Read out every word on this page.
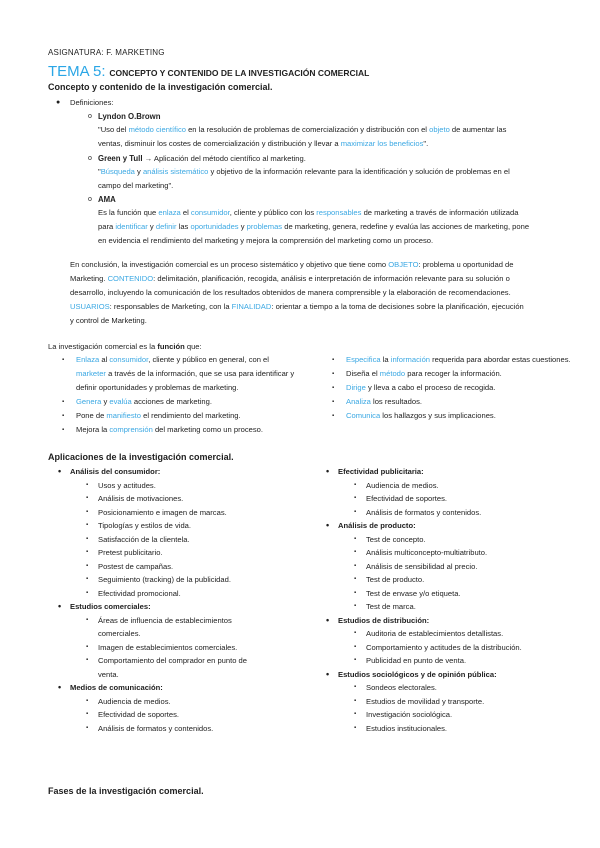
ASIGNATURA: F. MARKETING
TEMA 5: CONCEPTO Y CONTENIDO DE LA INVESTIGACIÓN COMERCIAL
Concepto y contenido de la investigación comercial.
● Definiciones:
o Lyndon O.Brown
"Uso del método científico en la resolución de problemas de comercialización y distribución con el objeto de aumentar las
ventas, disminuir los costes de comercialización y distribución y llevar a maximizar los beneficios".
o Green y Tull → Aplicación del método científico al marketing.
"Búsqueda y análisis sistemático y objetivo de la información relevante para la identificación y solución de problemas en el
campo del marketing".
o AMA
Es la función que enlaza el consumidor, cliente y público con los responsables de marketing a través de información utilizada
para identificar y definir las oportunidades y problemas de marketing, genera, redefine y evalúa las acciones de marketing, pone
en evidencia el rendimiento del marketing y mejora la comprensión del marketing como un proceso.
En conclusión, la investigación comercial es un proceso sistemático y objetivo que tiene como OBJETO: problema u oportunidad de
Marketing. CONTENIDO: delimitación, planificación, recogida, análisis e interpretación de información relevante para su solución o
desarrollo, incluyendo la comunicación de los resultados obtenidos de manera comprensible y la elaboración de recomendaciones.
USUARIOS: responsables de Marketing, con la FINALIDAD: orientar a tiempo a la toma de decisiones sobre la planificación, ejecución
y control de Marketing.
La investigación comercial es la función que:
▪ Enlaza al consumidor, cliente y público en general, con el
marketer a través de la información, que se usa para identificar y
definir oportunidades y problemas de marketing.
▪ Genera y evalúa acciones de marketing.
▪ Pone de manifiesto el rendimiento del marketing.
▪ Mejora la comprensión del marketing como un proceso.
▪ Especifica la información requerida para abordar estas cuestiones.
▪ Diseña el método para recoger la información.
▪ Dirige y lleva a cabo el proceso de recogida.
▪ Analiza los resultados.
▪ Comunica los hallazgos y sus implicaciones.
Aplicaciones de la investigación comercial.
• Análisis del consumidor:
▪ Usos y actitudes.
▪ Análisis de motivaciones.
▪ Posicionamiento e imagen de marcas.
▪ Tipologías y estilos de vida.
▪ Satisfacción de la clientela.
▪ Pretest publicitario.
▪ Postest de campañas.
▪ Seguimiento (tracking) de la publicidad.
▪ Efectividad promocional.
• Estudios comerciales:
▪ Áreas de influencia de establecimientos comerciales.
▪ Imagen de establecimientos comerciales.
▪ Comportamiento del comprador en punto de venta.
• Medios de comunicación:
▪ Audiencia de medios.
▪ Efectividad de soportes.
▪ Análisis de formatos y contenidos.
• Efectividad publicitaria:
▪ Audiencia de medios.
▪ Efectividad de soportes.
▪ Análisis de formatos y contenidos.
• Análisis de producto:
▪ Test de concepto.
▪ Análisis multiconcepto-multiatributo.
▪ Análisis de sensibilidad al precio.
▪ Test de producto.
▪ Test de envase y/o etiqueta.
▪ Test de marca.
• Estudios de distribución:
▪ Auditoria de establecimientos detallistas.
▪ Comportamiento y actitudes de la distribución.
▪ Publicidad en punto de venta.
• Estudios sociológicos y de opinión pública:
▪ Sondeos electorales.
▪ Estudios de movilidad y transporte.
▪ Investigación sociológica.
▪ Estudios institucionales.
Fases de la investigación comercial.
